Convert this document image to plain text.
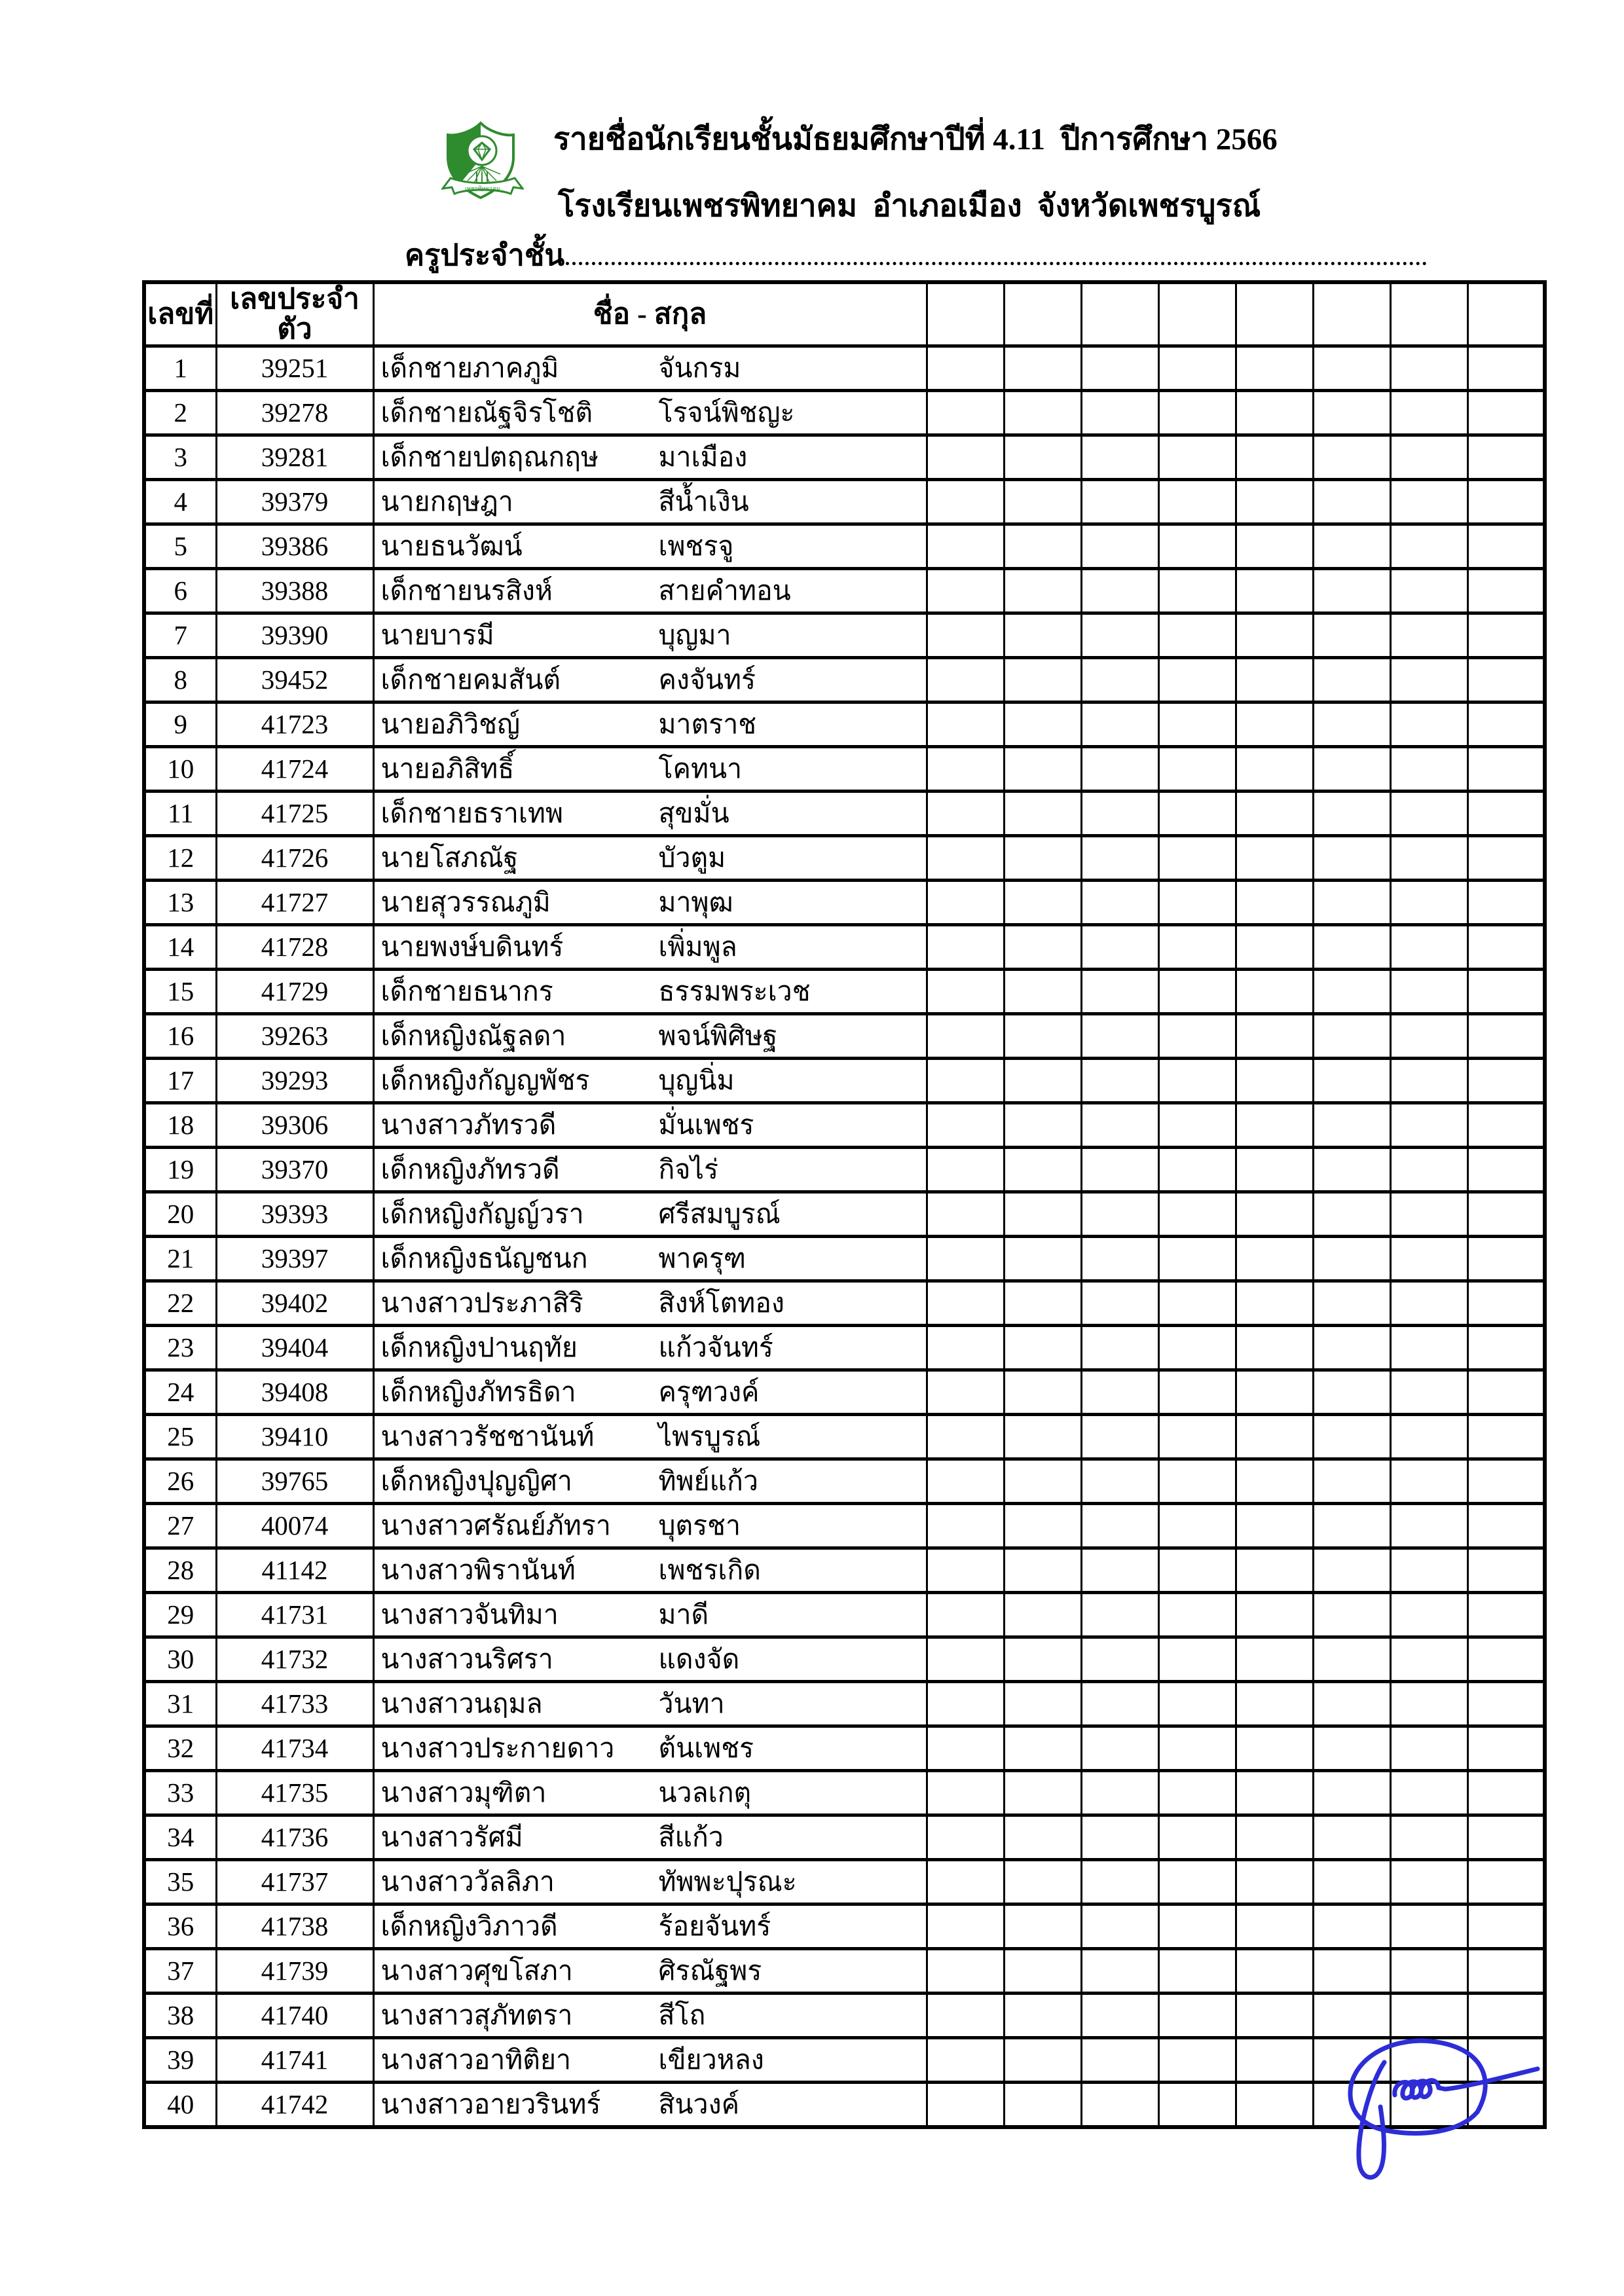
เพชรพิทยาคม
รายชื่อนักเรียนชั้นมัธยมศึกษาปีที่ 4.11  ปีการศึกษา 2566
โรงเรียนเพชรพิทยาคม  อำเภอเมือง  จังหวัดเพชรบูรณ์
ครูประจำชั้น
เลขที่	เลขประจำตัว	ชื่อ - สกุล								
1	39251	เด็กชายภาคภูมิ จันกรม								
2	39278	เด็กชายณัฐจิรโชติ โรจน์พิชญะ								
3	39281	เด็กชายปตฤณกฤษ มาเมือง								
4	39379	นายกฤษฎา สีน้ำเงิน								
5	39386	นายธนวัฒน์ เพชรจู								
6	39388	เด็กชายนรสิงห์ สายคำทอน								
7	39390	นายบารมี บุญมา								
8	39452	เด็กชายคมสันต์ คงจันทร์								
9	41723	นายอภิวิชญ์ มาตราช								
10	41724	นายอภิสิทธิ์ โคทนา								
11	41725	เด็กชายธราเทพ สุขมั่น								
12	41726	นายโสภณัฐ บัวตูม								
13	41727	นายสุวรรณภูมิ มาพุฒ								
14	41728	นายพงษ์บดินทร์ เพิ่มพูล								
15	41729	เด็กชายธนากร ธรรมพระเวช								
16	39263	เด็กหญิงณัฐลดา พจน์พิศิษฐ								
17	39293	เด็กหญิงกัญญพัชร บุญนิ่ม								
18	39306	นางสาวภัทรวดี มั่นเพชร								
19	39370	เด็กหญิงภัทรวดี กิจไร่								
20	39393	เด็กหญิงกัญญ์วรา ศรีสมบูรณ์								
21	39397	เด็กหญิงธนัญชนก พาครุฑ								
22	39402	นางสาวประภาสิริ สิงห์โตทอง								
23	39404	เด็กหญิงปานฤทัย แก้วจันทร์								
24	39408	เด็กหญิงภัทรธิดา ครุฑวงค์								
25	39410	นางสาวรัชชานันท์ ไพรบูรณ์								
26	39765	เด็กหญิงปุญญิศา ทิพย์แก้ว								
27	40074	นางสาวศรัณย์ภัทรา บุตรชา								
28	41142	นางสาวพิรานันท์ เพชรเกิด								
29	41731	นางสาวจันทิมา มาดี								
30	41732	นางสาวนริศรา แดงจัด								
31	41733	นางสาวนฤมล วันทา								
32	41734	นางสาวประกายดาว ต้นเพชร								
33	41735	นางสาวมุฑิตา นวลเกตุ								
34	41736	นางสาวรัศมี สีแก้ว								
35	41737	นางสาววัลลิภา ทัพพะปุรณะ								
36	41738	เด็กหญิงวิภาวดี ร้อยจันทร์								
37	41739	นางสาวศุขโสภา ศิรณัฐพร								
38	41740	นางสาวสุภัทตรา สีโถ								
39	41741	นางสาวอาทิติยา เขียวหลง								
40	41742	นางสาวอายวรินทร์ สินวงค์								
